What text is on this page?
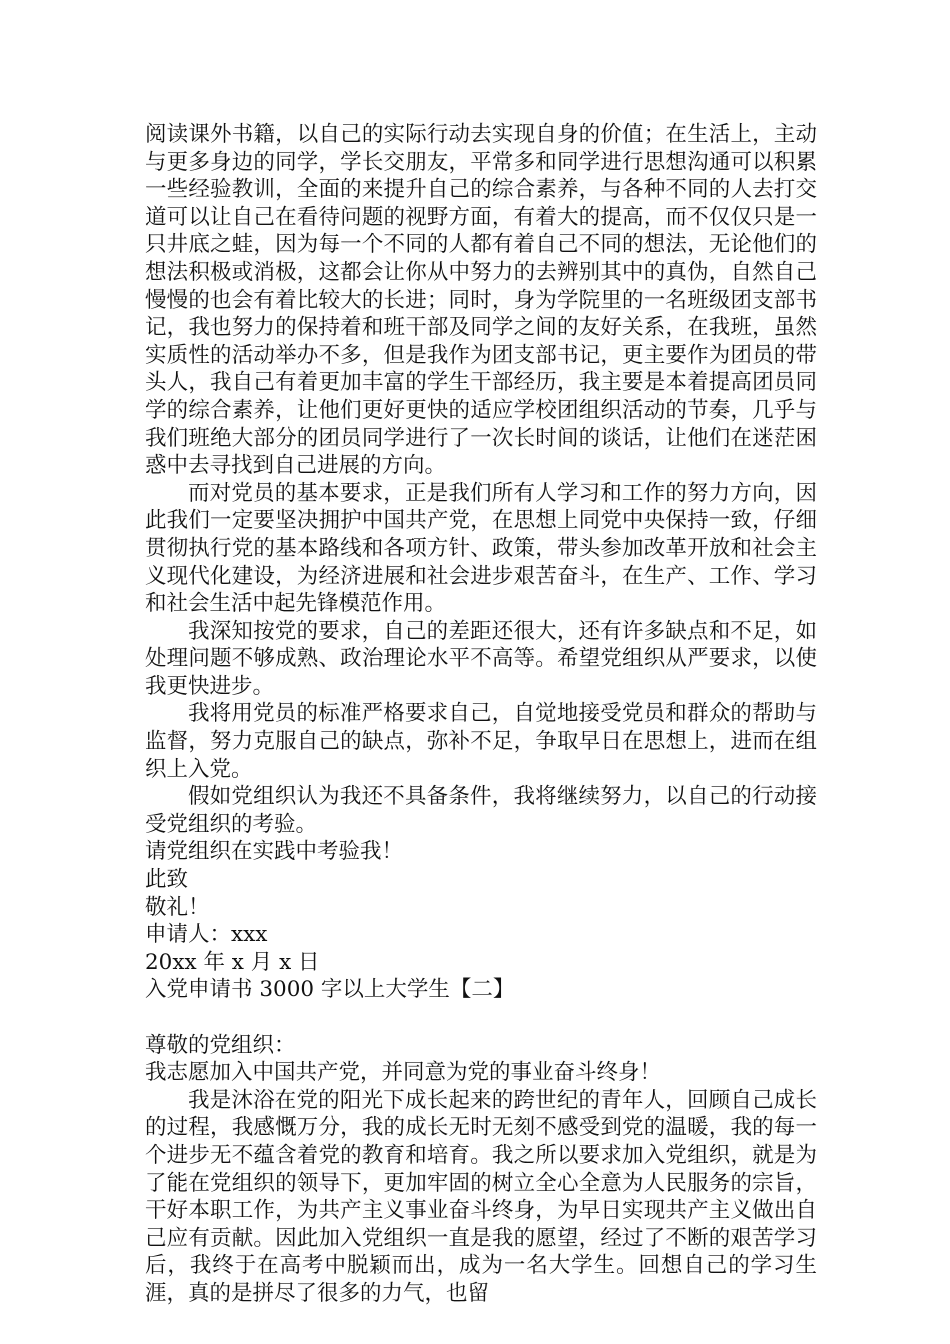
阅读课外书籍，以自己的实际行动去实现自身的价值；在生活上，主动与更多身边的同学，学长交朋友，平常多和同学进行思想沟通可以积累一些经验教训，全面的来提升自己的综合素养，与各种不同的人去打交道可以让自己在看待问题的视野方面，有着大的提高，而不仅仅只是一只井底之蛙，因为每一个不同的人都有着自己不同的想法，无论他们的想法积极或消极，这都会让你从中努力的去辨别其中的真伪，自然自己慢慢的也会有着比较大的长进；同时，身为学院里的一名班级团支部书记，我也努力的保持着和班干部及同学之间的友好关系，在我班，虽然实质性的活动举办不多，但是我作为团支部书记，更主要作为团员的带头人，我自己有着更加丰富的学生干部经历，我主要是本着提高团员同学的综合素养，让他们更好更快的适应学校团组织活动的节奏，几乎与我们班绝大部分的团员同学进行了一次长时间的谈话，让他们在迷茫困惑中去寻找到自己进展的方向。

而对党员的基本要求，正是我们所有人学习和工作的努力方向，因此我们一定要坚决拥护中国共产党，在思想上同党中央保持一致，仔细贯彻执行党的基本路线和各项方针、政策，带头参加改革开放和社会主义现代化建设，为经济进展和社会进步艰苦奋斗，在生产、工作、学习和社会生活中起先锋模范作用。

我深知按党的要求，自己的差距还很大，还有许多缺点和不足，如处理问题不够成熟、政治理论水平不高等。希望党组织从严要求，以使我更快进步。

我将用党员的标准严格要求自己，自觉地接受党员和群众的帮助与监督，努力克服自己的缺点，弥补不足，争取早日在思想上，进而在组织上入党。

假如党组织认为我还不具备条件，我将继续努力，以自己的行动接受党组织的考验。

请党组织在实践中考验我！

此致

敬礼！

申请人：xxx

20xx 年 x 月 x 日

入党申请书 3000 字以上大学生【二】

尊敬的党组织：

我志愿加入中国共产党，并同意为党的事业奋斗终身！

我是沐浴在党的阳光下成长起来的跨世纪的青年人，回顾自己成长的过程，我感慨万分，我的成长无时无刻不感受到党的温暖，我的每一个进步无不蕴含着党的教育和培育。我之所以要求加入党组织，就是为了能在党组织的领导下，更加牢固的树立全心全意为人民服务的宗旨，干好本职工作，为共产主义事业奋斗终身，为早日实现共产主义做出自己应有贡献。因此加入党组织一直是我的愿望，经过了不断的艰苦学习后，我终于在高考中脱颖而出，成为一名大学生。回想自己的学习生涯，真的是拼尽了很多的力气，也留
